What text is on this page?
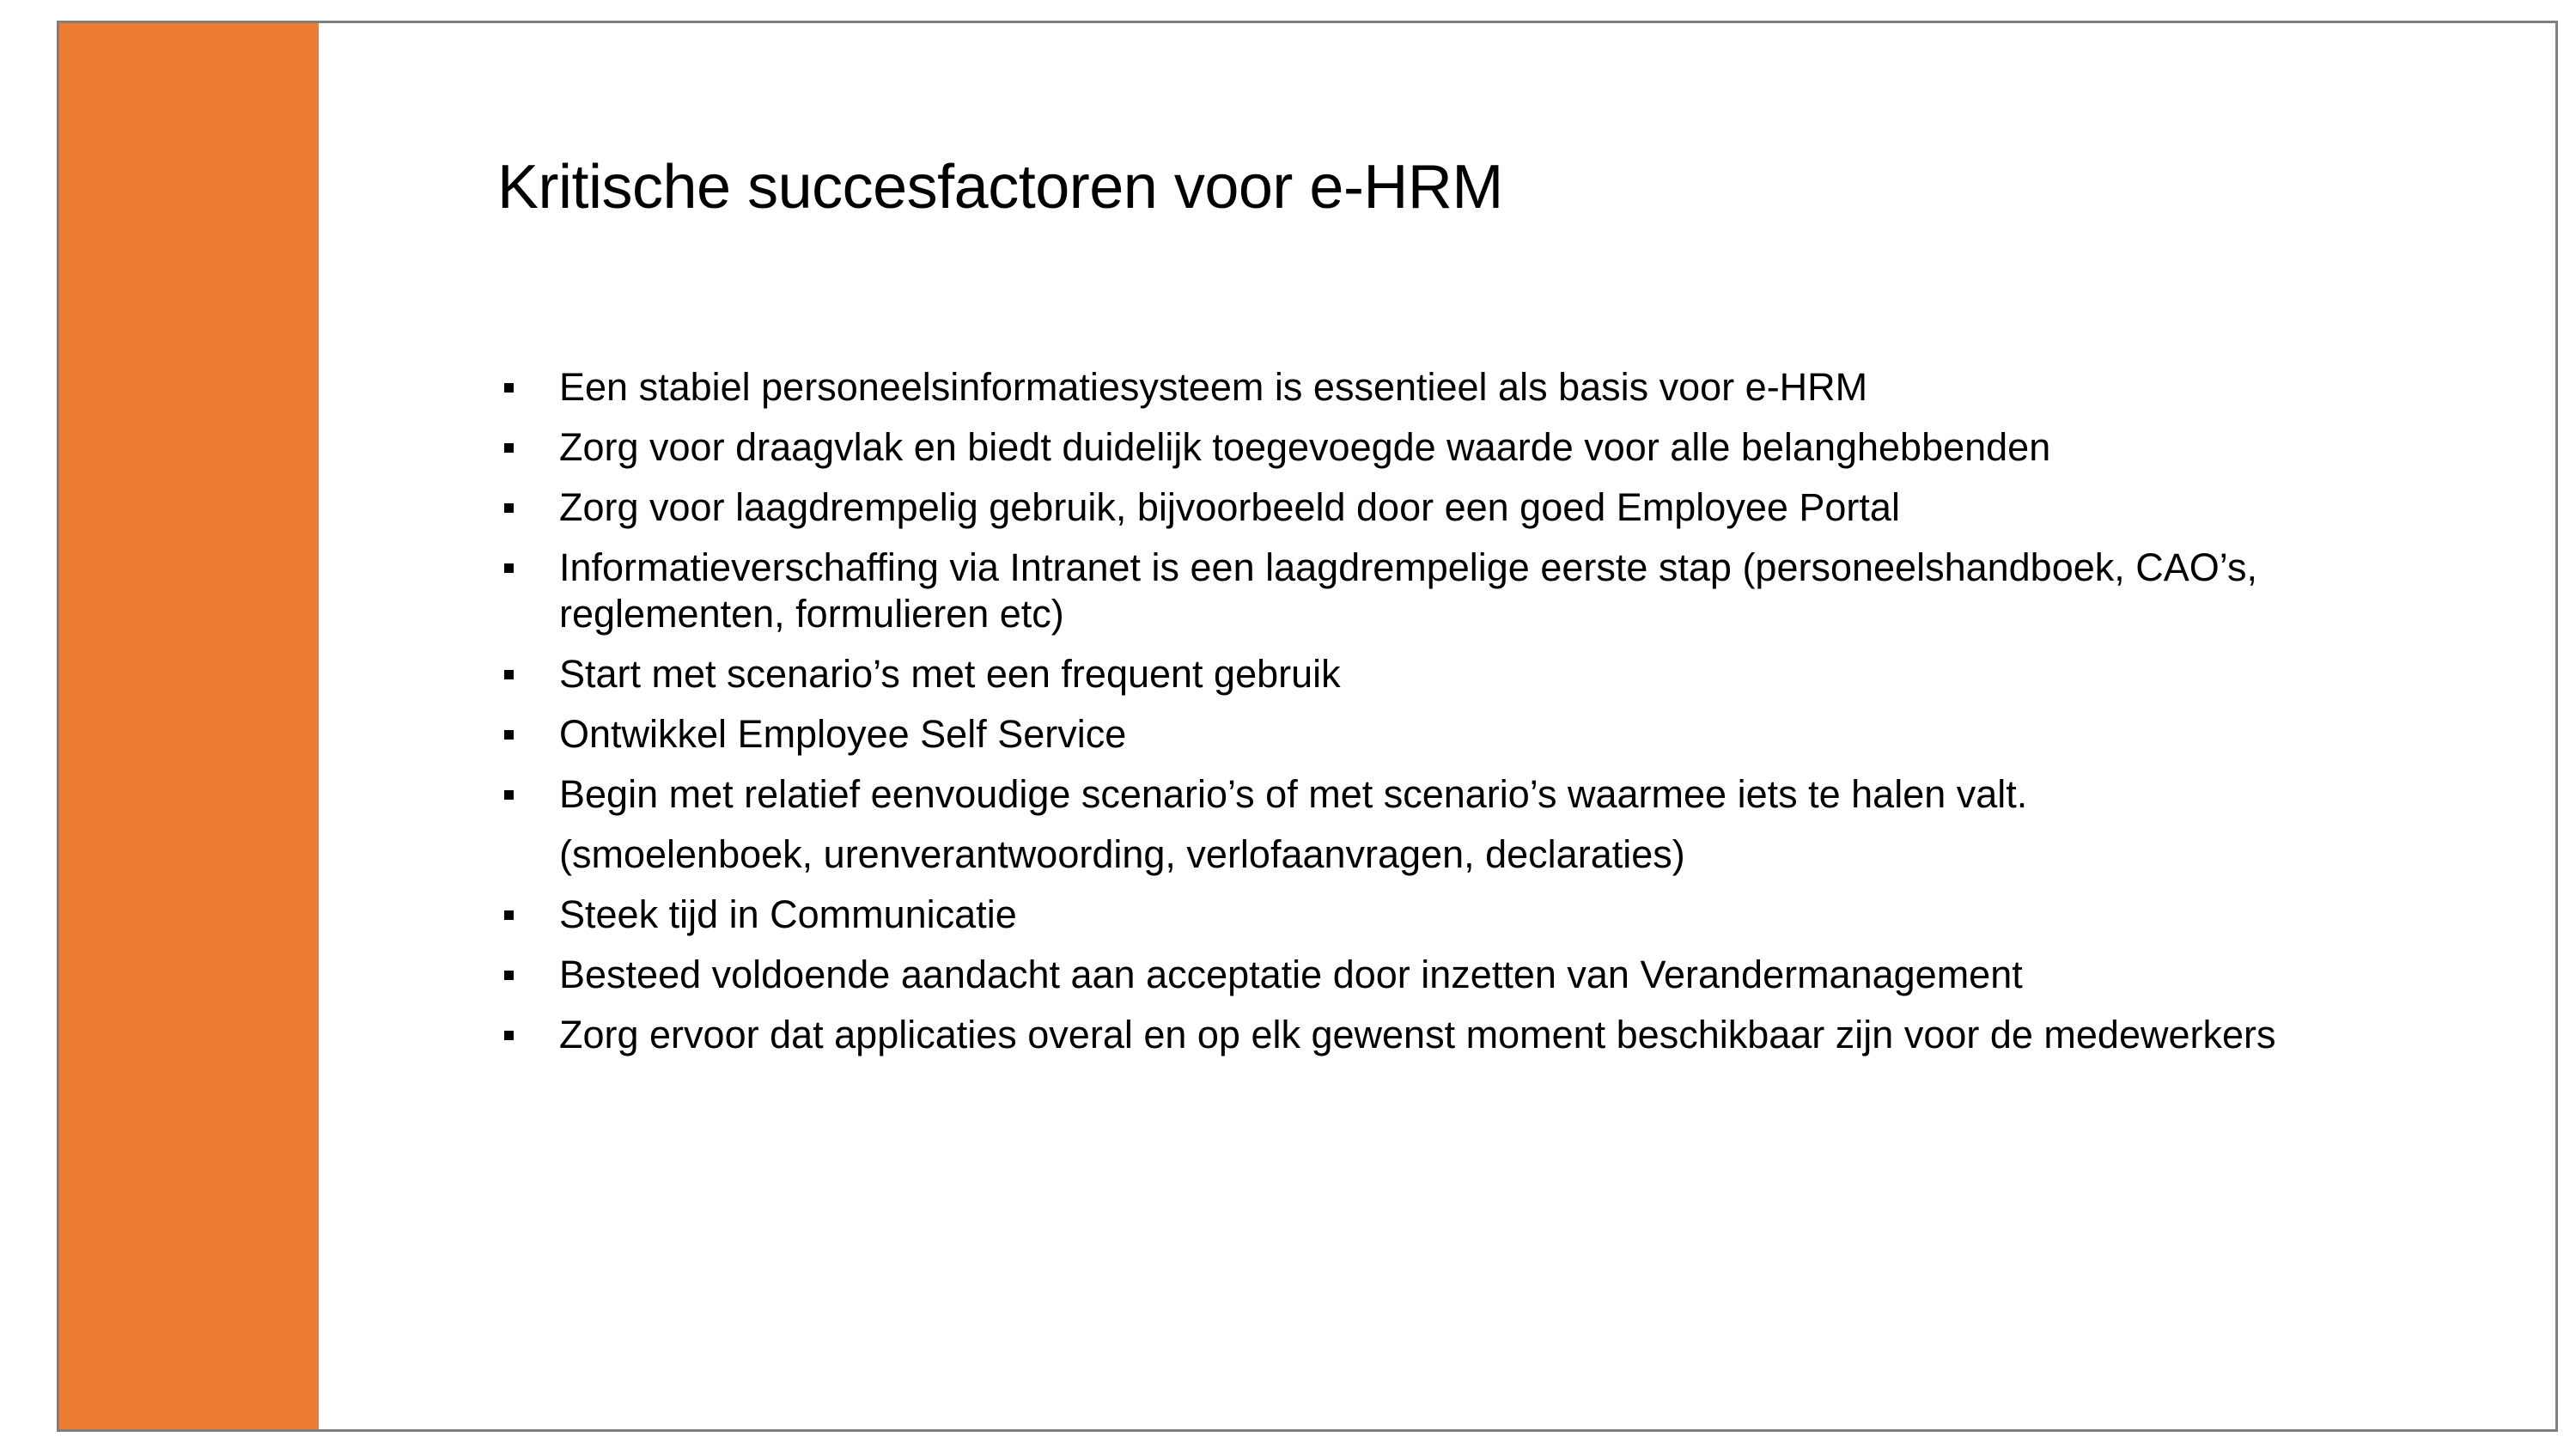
Kritische succesfactoren voor e-HRM
Een stabiel personeelsinformatiesysteem is essentieel als basis voor e-HRM
Zorg voor draagvlak en biedt duidelijk toegevoegde waarde voor alle belanghebbenden
Zorg voor laagdrempelig gebruik, bijvoorbeeld door een goed Employee Portal
Informatieverschaffing via Intranet is een laagdrempelige eerste stap (personeelshandboek, CAO’s, reglementen, formulieren etc)
Start met scenario’s met een frequent gebruik
Ontwikkel Employee Self Service
Begin met relatief eenvoudige scenario’s of met scenario’s waarmee iets te halen valt.
(smoelenboek, urenverantwoording, verlofaanvragen, declaraties)
Steek tijd in Communicatie
Besteed voldoende aandacht aan acceptatie door inzetten van Verandermanagement
Zorg ervoor dat applicaties overal en op elk gewenst moment beschikbaar zijn voor de medewerkers
